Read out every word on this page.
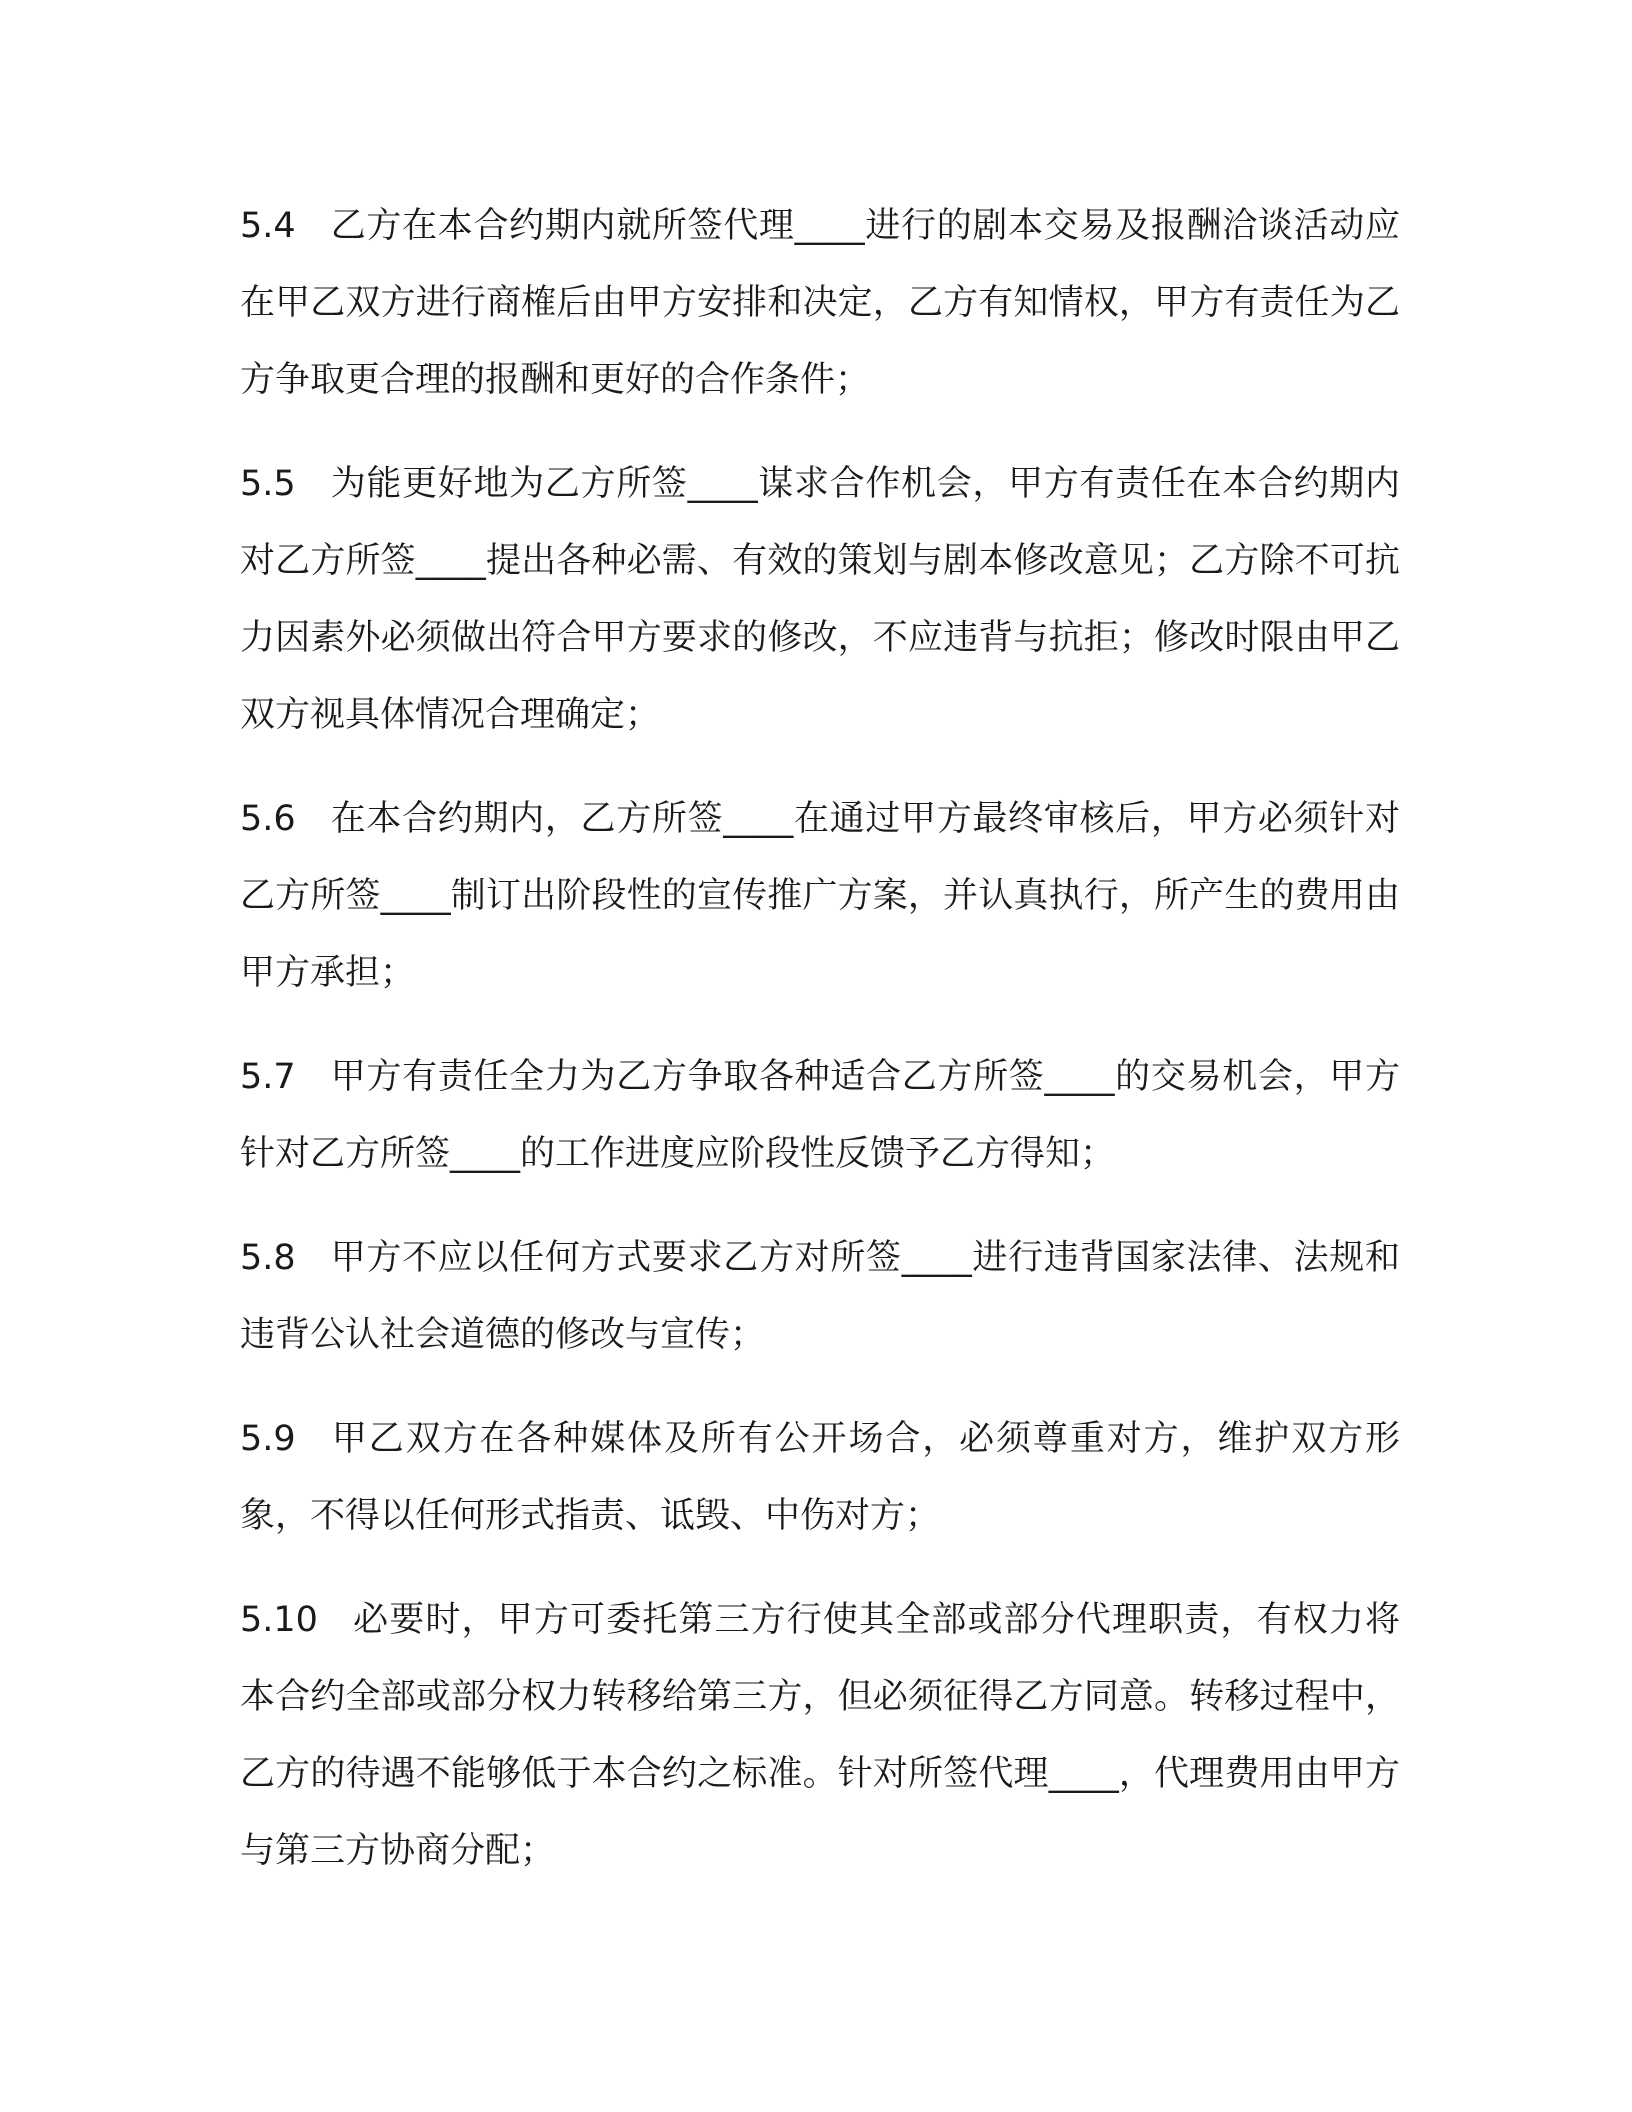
5.4 乙方在本合约期内就所签代理____进行的剧本交易及报酬洽谈活动应在甲乙双方进行商榷后由甲方安排和决定，乙方有知情权，甲方有责任为乙方争取更合理的报酬和更好的合作条件；

5.5 为能更好地为乙方所签____谋求合作机会，甲方有责任在本合约期内对乙方所签____提出各种必需、有效的策划与剧本修改意见；乙方除不可抗力因素外必须做出符合甲方要求的修改，不应违背与抗拒；修改时限由甲乙双方视具体情况合理确定；

5.6 在本合约期内，乙方所签____在通过甲方最终审核后，甲方必须针对乙方所签____制订出阶段性的宣传推广方案，并认真执行，所产生的费用由甲方承担；

5.7 甲方有责任全力为乙方争取各种适合乙方所签____的交易机会，甲方针对乙方所签____的工作进度应阶段性反馈予乙方得知；

5.8 甲方不应以任何方式要求乙方对所签____进行违背国家法律、法规和违背公认社会道德的修改与宣传；

5.9 甲乙双方在各种媒体及所有公开场合，必须尊重对方，维护双方形象，不得以任何形式指责、诋毁、中伤对方；

5.10 必要时，甲方可委托第三方行使其全部或部分代理职责，有权力将本合约全部或部分权力转移给第三方，但必须征得乙方同意。转移过程中，乙方的待遇不能够低于本合约之标准。针对所签代理____，代理费用由甲方与第三方协商分配；
